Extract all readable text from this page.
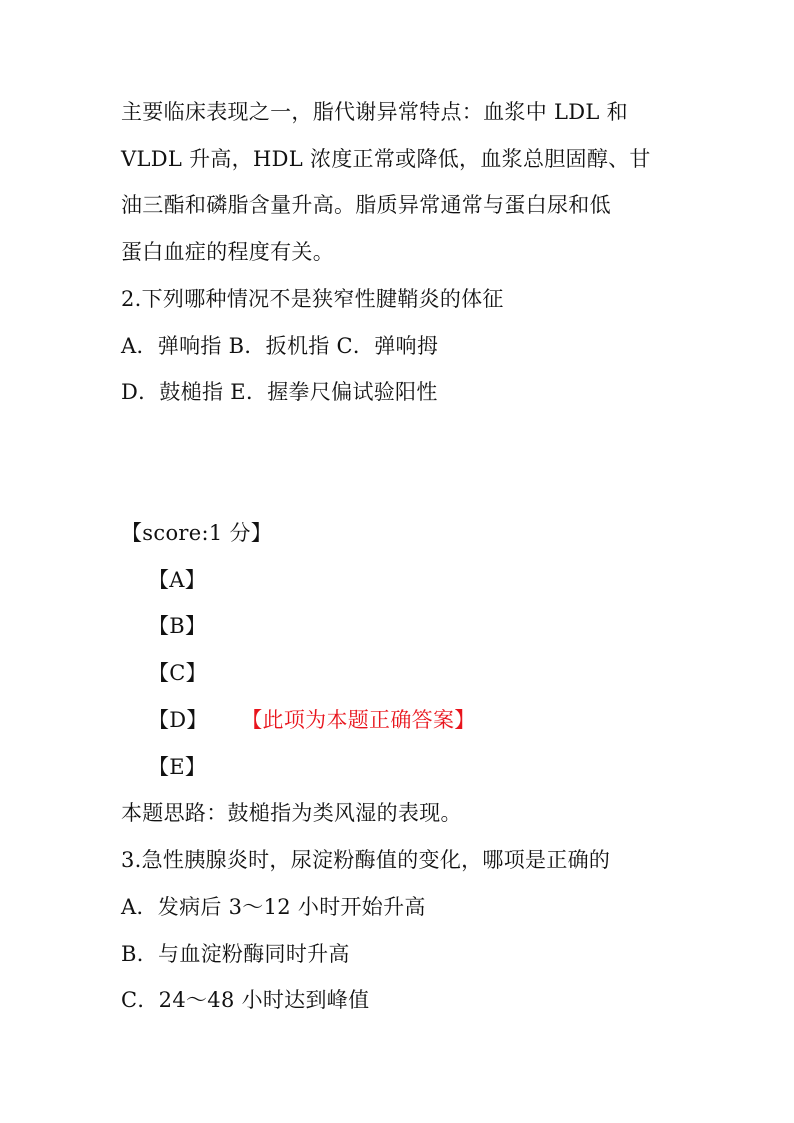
主要临床表现之一，脂代谢异常特点：血浆中 LDL 和
VLDL 升高，HDL 浓度正常或降低，血浆总胆固醇、甘
油三酯和磷脂含量升高。脂质异常通常与蛋白尿和低
蛋白血症的程度有关。
2.下列哪种情况不是狭窄性腱鞘炎的体征
A．弹响指 B．扳机指 C．弹响拇
D．鼓槌指 E．握拳尺偏试验阳性
【score:1 分】
【A】
【B】
【C】
【D】 【此项为本题正确答案】
【E】
本题思路：鼓槌指为类风湿的表现。
3.急性胰腺炎时，尿淀粉酶值的变化，哪项是正确的
A．发病后 3～12 小时开始升高
B．与血淀粉酶同时升高
C．24～48 小时达到峰值
